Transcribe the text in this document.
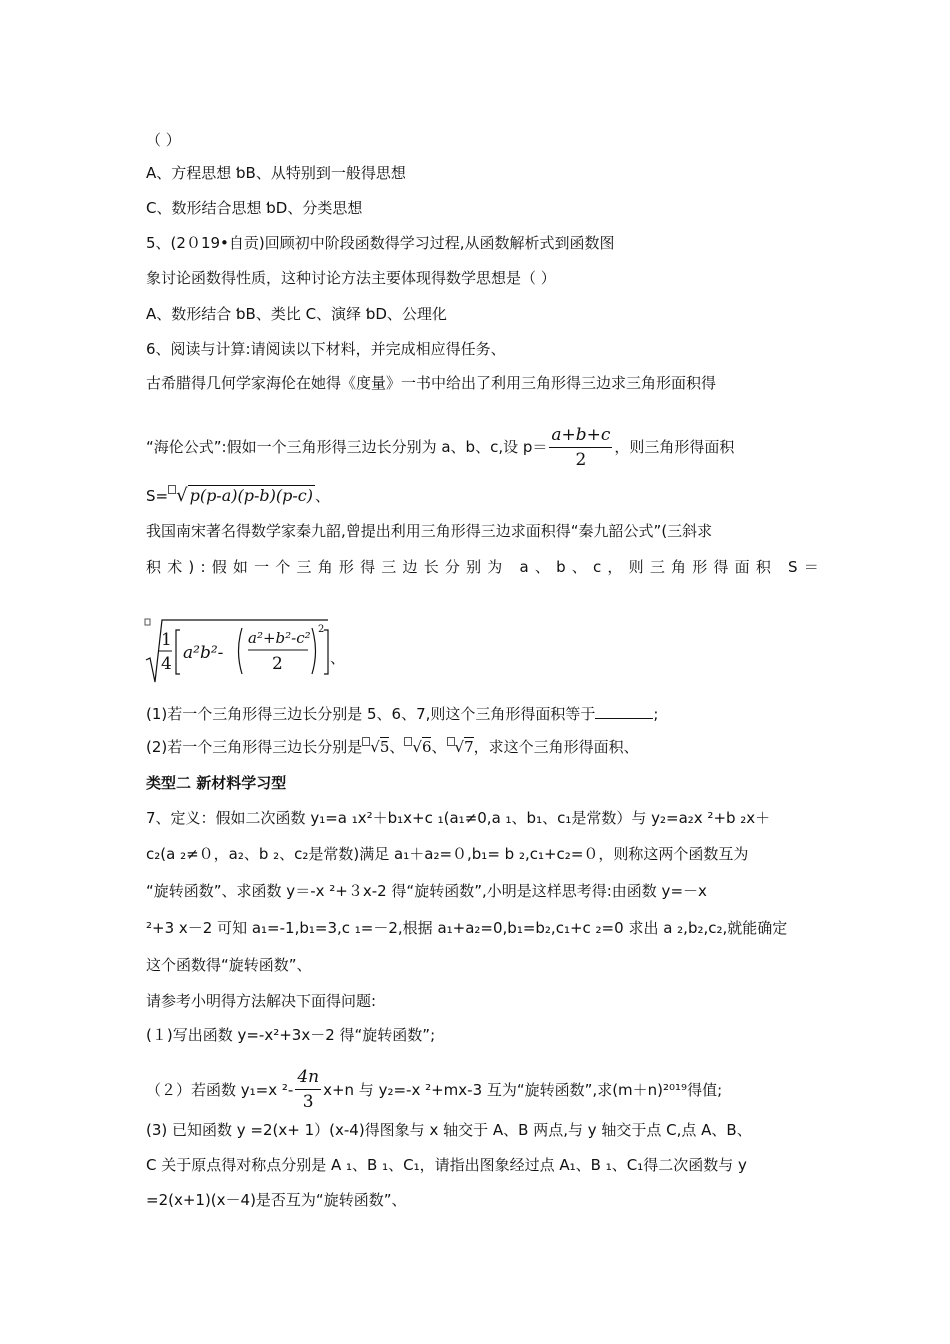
（ ）
A、方程思想 ƅB、从特别到一般得思想
C、数形结合思想 ƅD、分类思想
5、(2０19•自贡)回顾初中阶段函数得学习过程,从函数解析式到函数图
象讨论函数得性质，这种讨论方法主要体现得数学思想是（ ）
A、数形结合 ƅB、类比 C、演绎 ƅD、公理化
6、阅读与计算:请阅读以下材料，并完成相应得任务、
古希腊得几何学家海伦在她得《度量》一书中给出了利用三角形得三边求三角形面积得
“海伦公式”:假如一个三角形得三边长分别为 a、b、c,设 $p= \frac{a+b+c}{2}$ ，则三角形得面积
S= √ p(p-a)(p-b)(p-c) 、
我国南宋著名得数学家秦九韶,曾提出利用三角形得三边求面积得“秦九韶公式”(三斜求
积术):假如一个三角形得三边长分别为 a、b、c，则三角形得面积 S＝
1
4
a²b²-
a²+b²-c²
2
2
、
(1)若一个三角形得三边长分别是 5、6、7,则这个三角形得面积等于	;
(2)若一个三角形得三边长分别是 √5、 √6、 √7，求这个三角形得面积、
类型二 新材料学习型
7、定义：假如二次函数 y₁=a ₁x²＋b₁x+c ₁(a₁≠0,a ₁、b₁、c₁是常数）与 y₂=a₂x ²+b ₂x＋
c₂(a ₂≠０，a₂、b ₂、c₂是常数)满足 a₁＋a₂=０,b₁= b ₂,c₁+c₂=０，则称这两个函数互为
“旋转函数”、求函数 y＝-x ²+３x-2 得“旋转函数”,小明是这样思考得:由函数 y=－x
²+3 x－2 可知 a₁=-1,b₁=3,c ₁=－2,根据 a₁+a₂=0,b₁=b₂,c₁+c ₂=0 求出 a ₂,b₂,c₂,就能确定
这个函数得“旋转函数”、
请参考小明得方法解决下面得问题:
(１)写出函数 y=-x²+3x－2 得“旋转函数”;
（２）若函数 y₁=x $^2- \frac{4n}{3} x+n$ 与 y₂=-x ²+mx-3 互为“旋转函数”,求(m＋n)²⁰¹⁹得值;
(3) 已知函数 y =2(x+ 1）(x-4)得图象与 x 轴交于 A、B 两点,与 y 轴交于点 C,点 A、B、
C 关于原点得对称点分别是 A ₁、B ₁、C₁，请指出图象经过点 A₁、B ₁、C₁得二次函数与 y
=2(x+1)(x－4)是否互为“旋转函数”、
